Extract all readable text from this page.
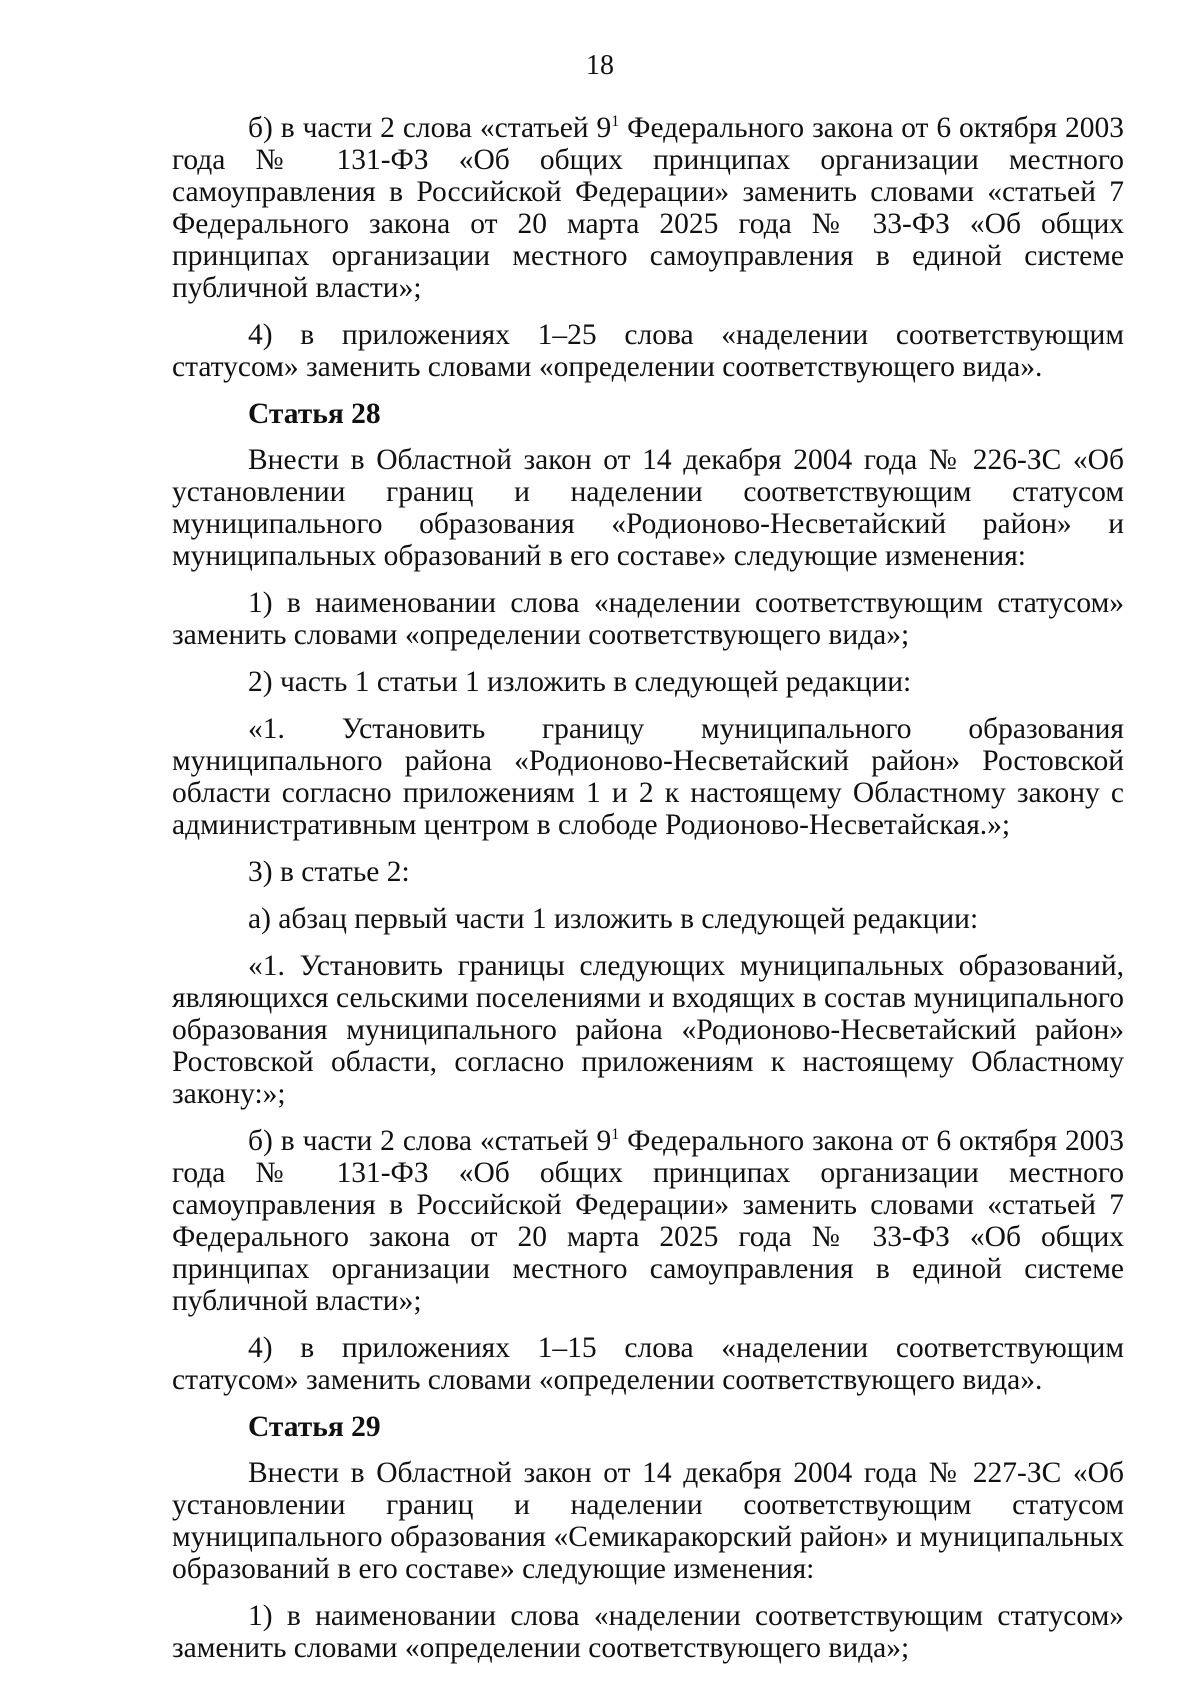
18

б) в части 2 слова «статьей $9^1$ Федерального закона от 6 октября 2003 года № 131-ФЗ «Об общих принципах организации местного самоуправления в Российской Федерации» заменить словами «статьей 7 Федерального закона от 20 марта 2025 года № 33-ФЗ «Об общих принципах организации местного самоуправления в единой системе публичной власти»;

4) в приложениях 1–25 слова «наделении соответствующим статусом» заменить словами «определении соответствующего вида».

Статья 28

Внести в Областной закон от 14 декабря 2004 года № 226-ЗС «Об установлении границ и наделении соответствующим статусом муниципального образования «Родионово-Несветайский район» и муниципальных образований в его составе» следующие изменения:

1) в наименовании слова «наделении соответствующим статусом» заменить словами «определении соответствующего вида»;

2) часть 1 статьи 1 изложить в следующей редакции:

«1. Установить границу муниципального образования муниципального района «Родионово-Несветайский район» Ростовской области согласно приложениям 1 и 2 к настоящему Областному закону с административным центром в слободе Родионово-Несветайская.»;

3) в статье 2:

а) абзац первый части 1 изложить в следующей редакции:

«1. Установить границы следующих муниципальных образований, являющихся сельскими поселениями и входящих в состав муниципального образования муниципального района «Родионово-Несветайский район» Ростовской области, согласно приложениям к настоящему Областному закону:»;

б) в части 2 слова «статьей $9^1$ Федерального закона от 6 октября 2003 года № 131-ФЗ «Об общих принципах организации местного самоуправления в Российской Федерации» заменить словами «статьей 7 Федерального закона от 20 марта 2025 года № 33-ФЗ «Об общих принципах организации местного самоуправления в единой системе публичной власти»;

4) в приложениях 1–15 слова «наделении соответствующим статусом» заменить словами «определении соответствующего вида».

Статья 29

Внести в Областной закон от 14 декабря 2004 года № 227-ЗС «Об установлении границ и наделении соответствующим статусом муниципального образования «Семикаракорский район» и муниципальных образований в его составе» следующие изменения:

1) в наименовании слова «наделении соответствующим статусом» заменить словами «определении соответствующего вида»;
